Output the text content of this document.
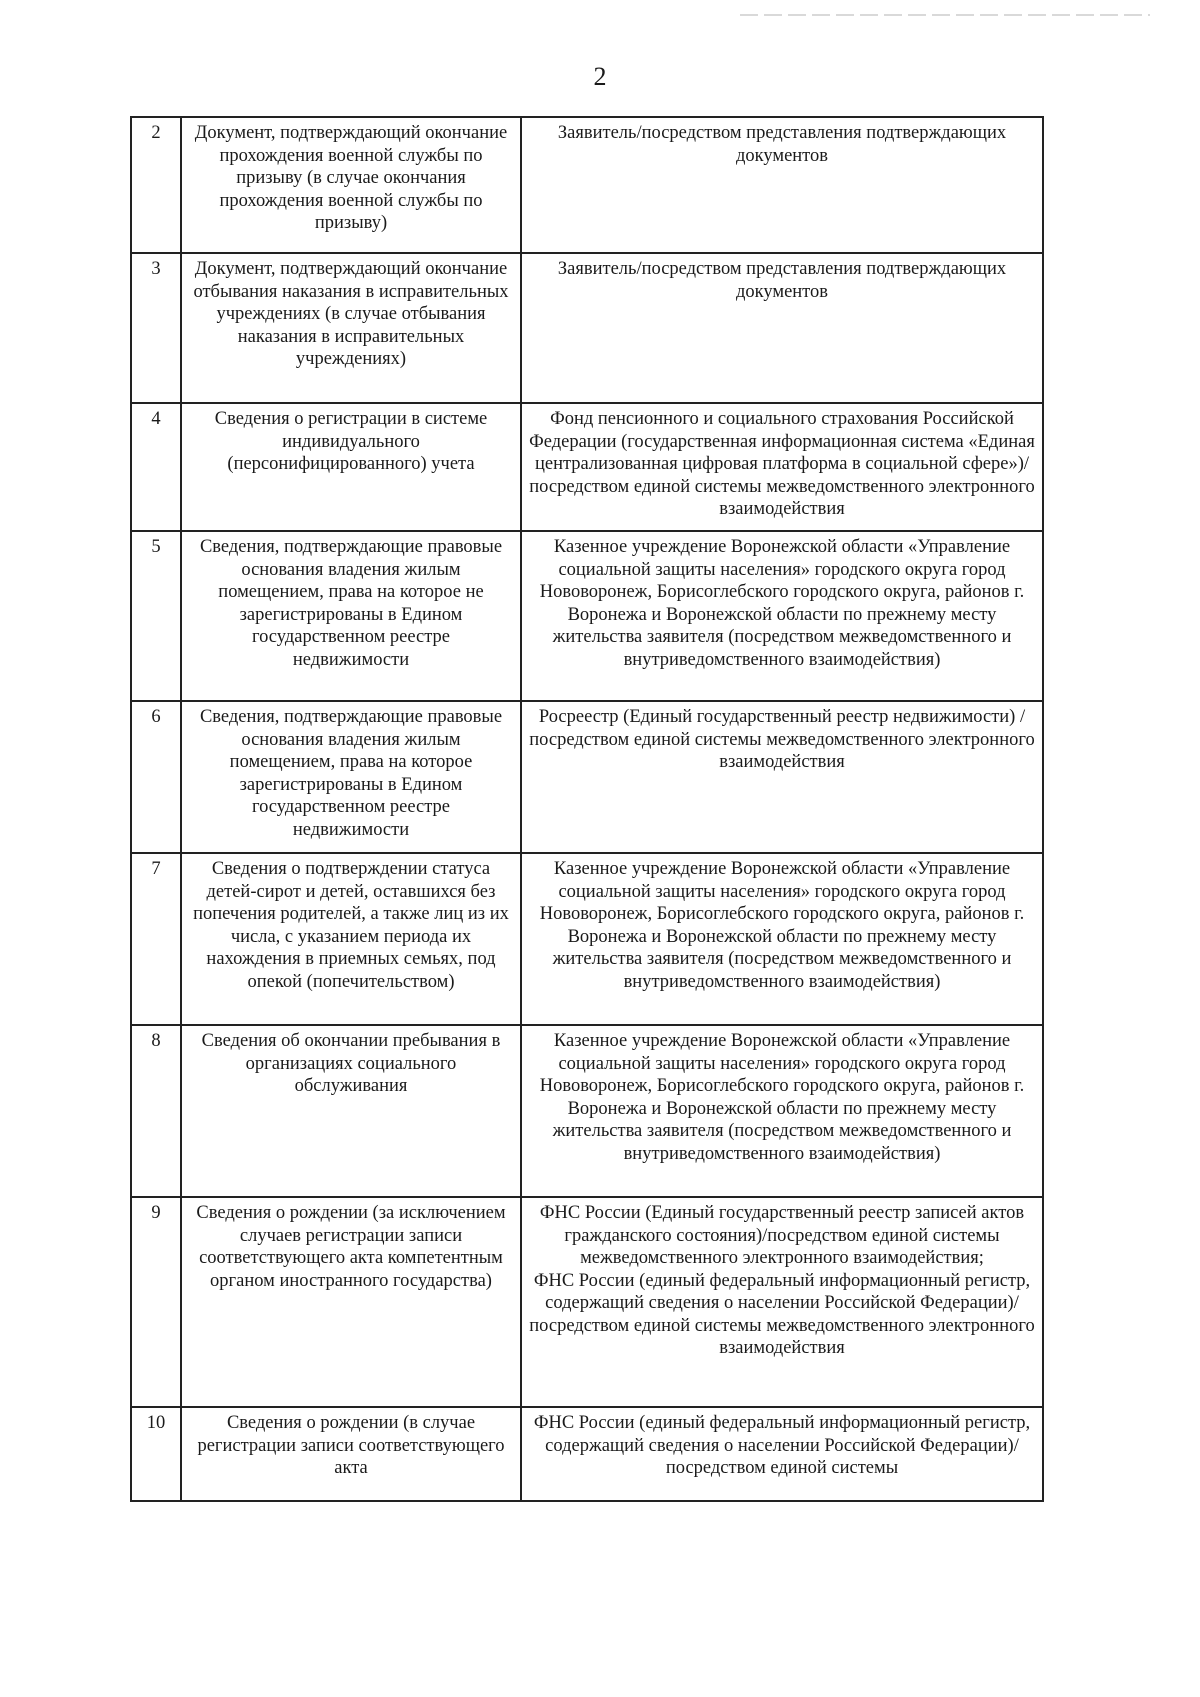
2
2	Документ, подтверждающий окончание прохождения военной службы по призыву (в случае окончания прохождения военной службы по призыву)	Заявитель/посредством представления подтверждающих документов

3	Документ, подтверждающий окончание отбывания наказания в исправительных учреждениях (в случае отбывания наказания в исправительных учреждениях)	Заявитель/посредством представления подтверждающих документов

4	Сведения о регистрации в системе индивидуального (персонифицированного) учета	Фонд пенсионного и социального страхования Российской Федерации (государственная информационная система «Единая централизованная цифровая платформа в социальной сфере»)/посредством единой системы межведомственного электронного взаимодействия

5	Сведения, подтверждающие правовые основания владения жилым помещением, права на которое не зарегистрированы в Едином государственном реестре недвижимости	Казенное учреждение Воронежской области «Управление социальной защиты населения» городского округа город Нововоронеж, Борисоглебского городского округа, районов г. Воронежа и Воронежской области по прежнему месту жительства заявителя (посредством межведомственного и внутриведомственного взаимодействия)

6	Сведения, подтверждающие правовые основания владения жилым помещением, права на которое зарегистрированы в Едином государственном реестре недвижимости	Росреестр (Единый государственный реестр недвижимости) /
посредством единой системы межведомственного электронного взаимодействия

7	Сведения о подтверждении статуса детей-сирот и детей, оставшихся без попечения родителей, а также лиц из их числа, с указанием периода их нахождения в приемных семьях, под опекой (попечительством)	Казенное учреждение Воронежской области «Управление социальной защиты населения» городского округа город Нововоронеж, Борисоглебского городского округа, районов г. Воронежа и Воронежской области по прежнему месту жительства заявителя (посредством межведомственного и внутриведомственного взаимодействия)

8	Сведения об окончании пребывания в организациях социального обслуживания	Казенное учреждение Воронежской области «Управление социальной защиты населения» городского округа город Нововоронеж, Борисоглебского городского округа, районов г. Воронежа и Воронежской области по прежнему месту жительства заявителя (посредством межведомственного и внутриведомственного взаимодействия)

9	Сведения о рождении (за исключением случаев регистрации записи соответствующего акта компетентным органом иностранного государства)	ФНС России (Единый государственный реестр записей актов гражданского состояния)/посредством единой системы межведомственного электронного взаимодействия;
ФНС России (единый федеральный информационный регистр, содержащий сведения о населении Российской Федерации)/посредством единой системы межведомственного электронного взаимодействия

10	Сведения о рождении (в случае регистрации записи соответствующего акта	ФНС России (единый федеральный информационный регистр, содержащий сведения о населении Российской Федерации)/посредством единой системы
